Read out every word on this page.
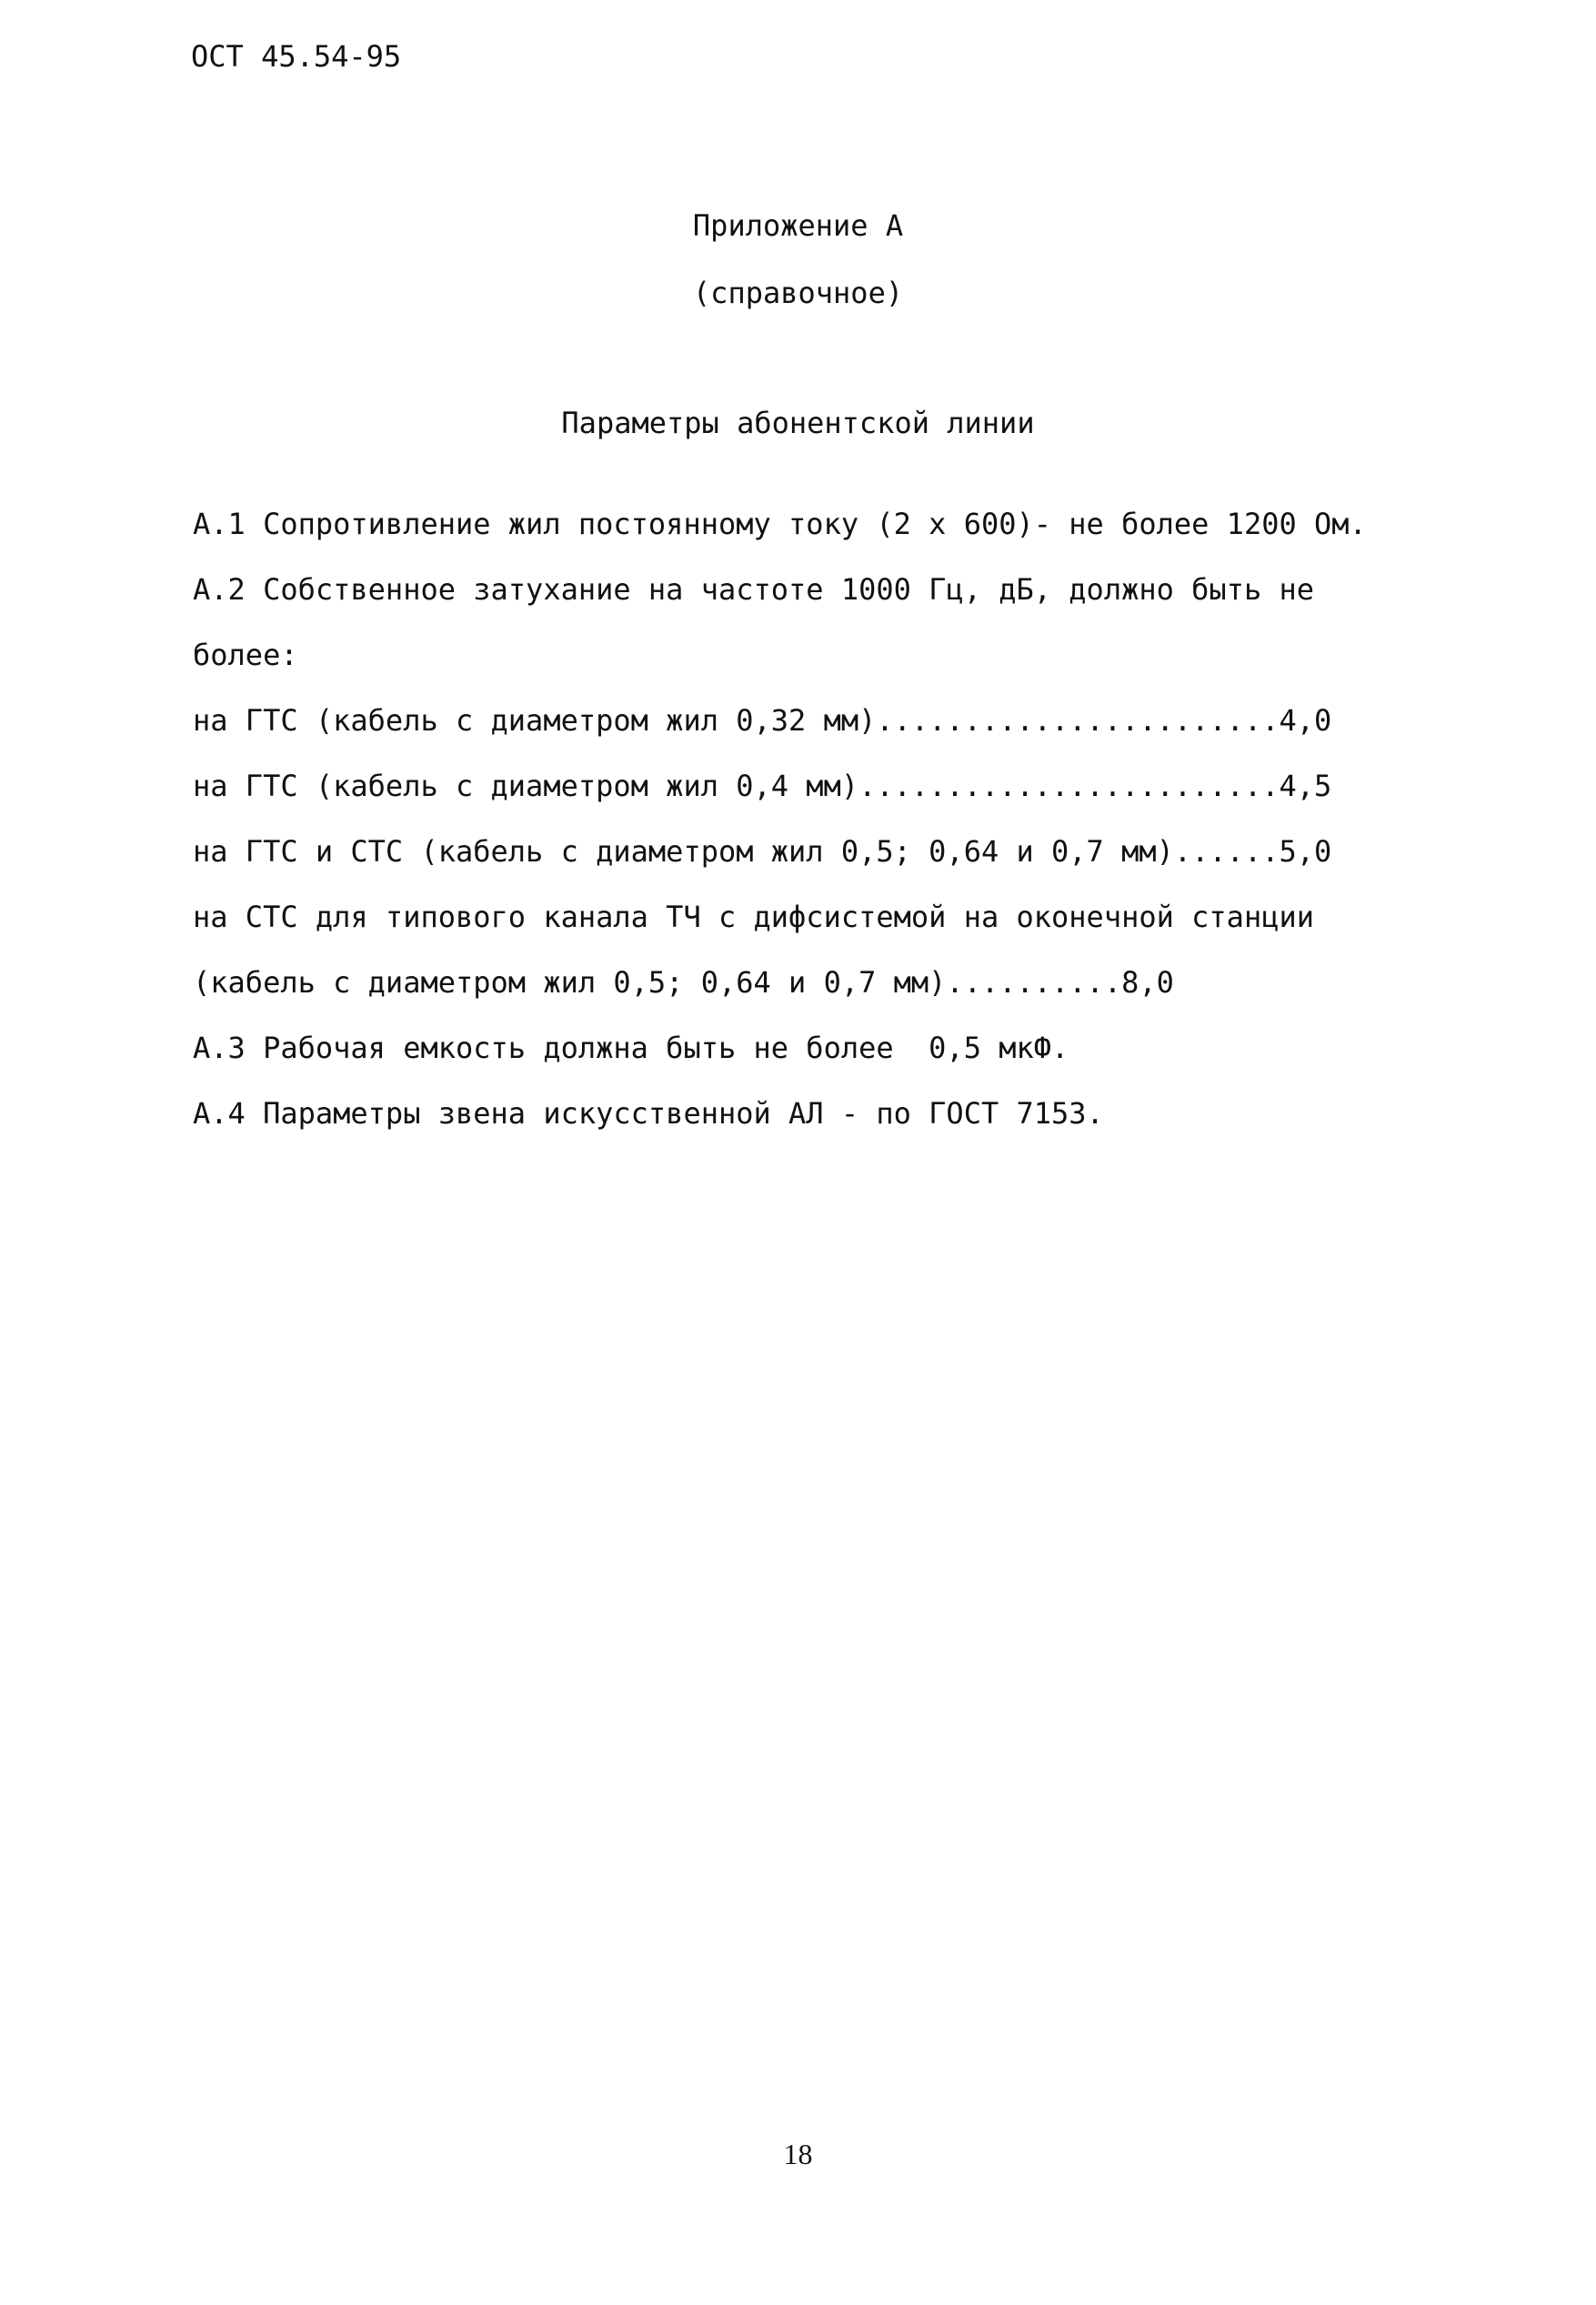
ОСТ 45.54-95
Приложение А
(справочное)
Параметры абонентской линии
А.1 Сопротивление жил постоянному току (2 х 600)- не более 1200 Ом.
А.2 Собственное затухание на частоте 1000 Гц, дБ, должно быть не
более:
на ГТС (кабель с диаметром жил 0,32 мм).......................4,0
на ГТС (кабель с диаметром жил 0,4 мм)........................4,5
на ГТС и СТС (кабель с диаметром жил 0,5; 0,64 и 0,7 мм)......5,0
на СТС для типового канала ТЧ с дифсистемой на оконечной станции
(кабель с диаметром жил 0,5; 0,64 и 0,7 мм)..........8,0
А.3 Рабочая емкость должна быть не более  0,5 мкФ.
А.4 Параметры звена искусственной АЛ - по ГОСТ 7153.
18
